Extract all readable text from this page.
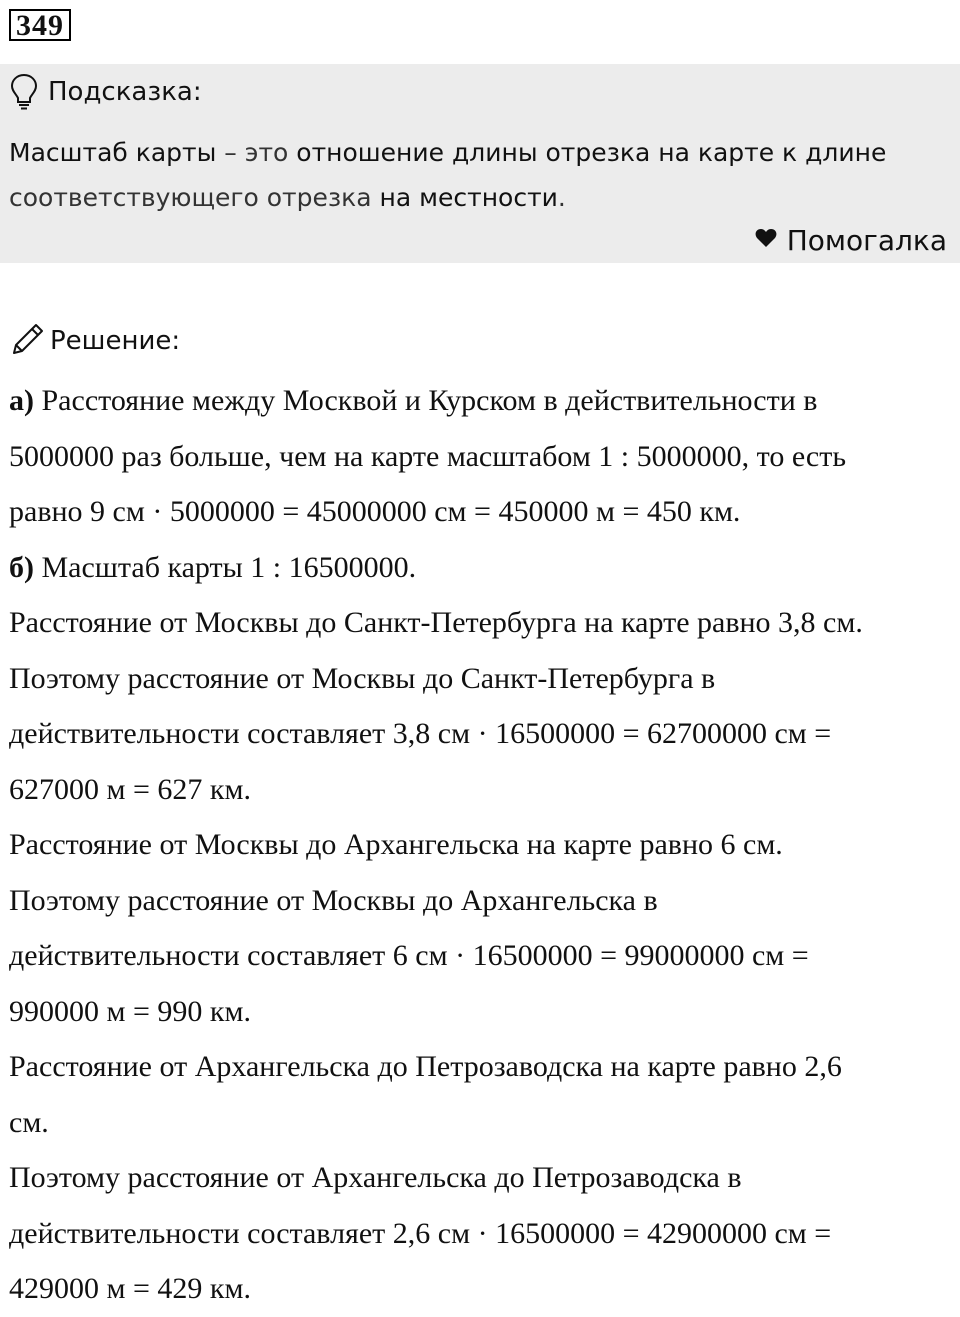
349
Подсказка:
Масштаб карты – это отношение длины отрезка на карте к длине
соответствующего отрезка на местности.
Помогалка
Решение:
а) Расстояние между Москвой и Курском в действительности в
5000000 раз больше, чем на карте масштабом 1 : 5000000, то есть
равно 9 см · 5000000 = 45000000 см = 450000 м = 450 км.
б) Масштаб карты 1 : 16500000.
Расстояние от Москвы до Санкт-Петербурга на карте равно 3,8 см.
Поэтому расстояние от Москвы до Санкт-Петербурга в
действительности составляет 3,8 см · 16500000 = 62700000 см =
627000 м = 627 км.
Расстояние от Москвы до Архангельска на карте равно 6 см.
Поэтому расстояние от Москвы до Архангельска в
действительности составляет 6 см · 16500000 = 99000000 см =
990000 м = 990 км.
Расстояние от Архангельска до Петрозаводска на карте равно 2,6
см.
Поэтому расстояние от Архангельска до Петрозаводска в
действительности составляет 2,6 см · 16500000 = 42900000 см =
429000 м = 429 км.
